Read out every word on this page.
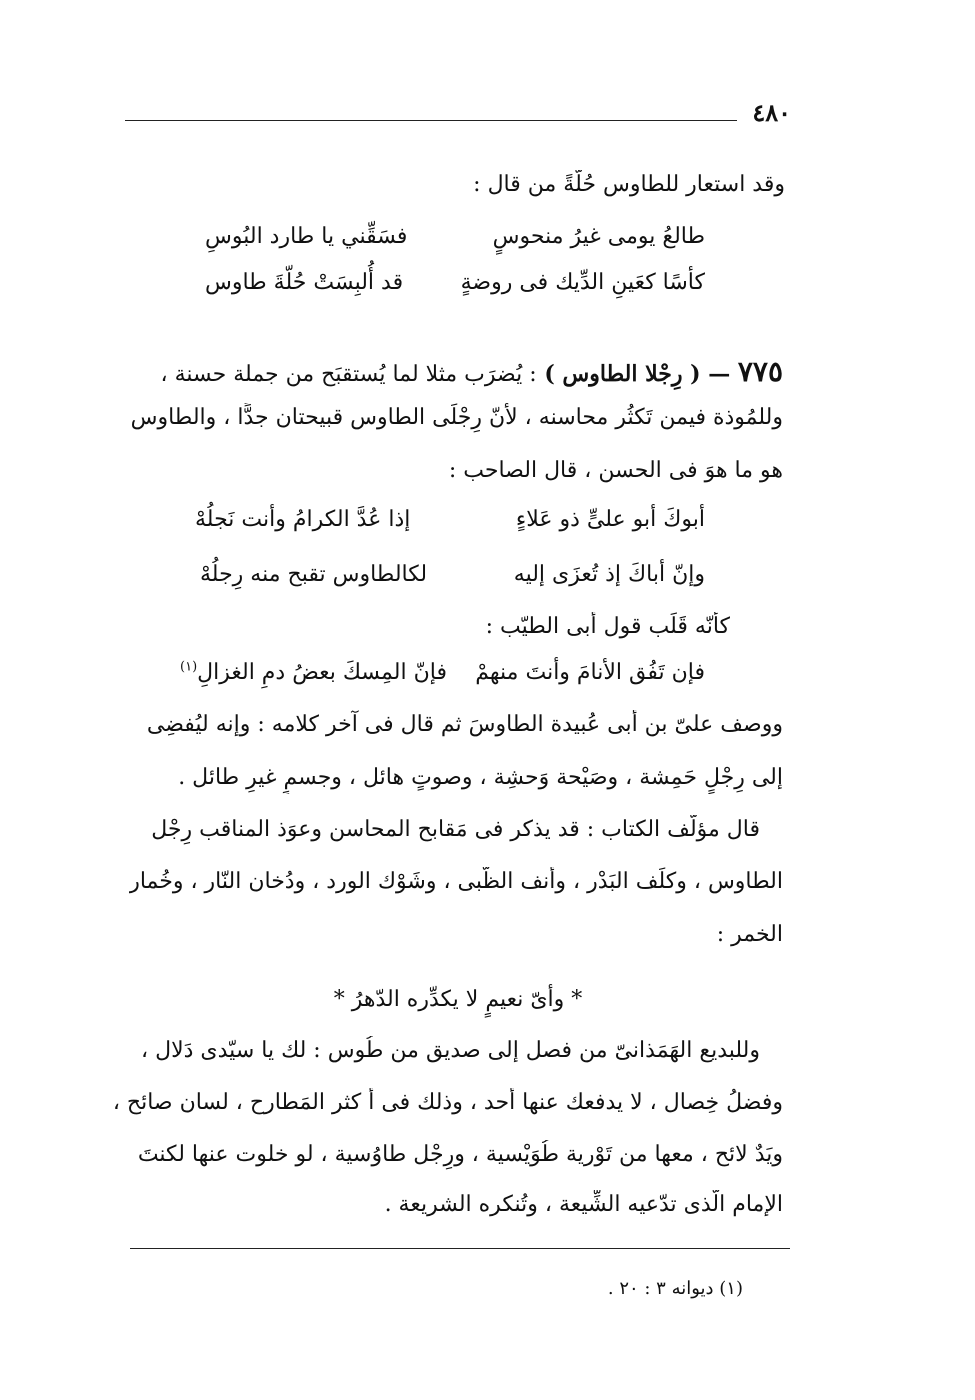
٤٨٠
وقد استعار للطاوس حُلّةً من قال :
طالعُ يومى غيرُ منحوسٍ
فسَقِّني يا طارد البُوسِ
كأسًا كعَينِ الدِّيك فى روضةٍ
قد أُلبِسَتْ حُلّةَ طاوس
٧٧٥ — ( رِجْلا الطاوس ) : يُضرَب مثلا لما يُستقبَح من جملة حسنة ،
وللمُوذة فيمن تَكثُر محاسنه ، لأنّ رِجْلَى الطاوس قبيحتان جدًّا ، والطاوس
هو ما هوَ فى الحسن ، قال الصاحب :
أبوكَ أبو علىٍّ ذو عَلاءٍ
إذا عُدَّ الكرامُ وأنت نَجلُهْ
وإنّ أباكَ إذ تُعزَى إليه
لكالطاوس تقبح منه رِجلُهْ
كأنّه قَلَب قول أبى الطيّب :
فإن تَفُق الأنامَ وأنتَ منهمْ
فإنّ المِسكَ بعضُ دمِ الغزالِ$^{(١)}$
ووصف علىّ بن أبى عُبيدة الطاوسَ ثم قال فى آخر كلامه : وإنه ليُفضِى
إلى رِجْلٍ حَمِشة ، وصَيْحة وَحشِة ، وصوتٍ هائل ، وجسمٍ غيرِ طائل .
قال مؤلّف الكتاب : قد يذكر فى مَقابح المحاسن وعوَذ المناقب رِجْل
الطاوس ، وكلَف البَدْر ، وأنف الظّبى ، وشَوْك الورد ، ودُخان النّار ، وخُمار
الخمر :
* وأىّ نعيمٍ لا يكدِّره الدّهرُ *
وللبديع الهَمَذانىّ من فصل إلى صديق من طُوس : لك يا سيّدى دَلال ،
وفضلُ خِصال ، لا يدفعك عنها أحد ، وذلك فى أ كثر المَطارح ، لسان صائح ،
ويَدٌ لائح ، معها من تَوْرية طُوَيْسية ، ورِجْل طاوُسية ، لو خلوت عنها لكنتَ
الإمام الّذى تدّعيه الشِّيعة ، وتُنكره الشريعة .
(١) ديوانه ٣ : ٢٠ .
